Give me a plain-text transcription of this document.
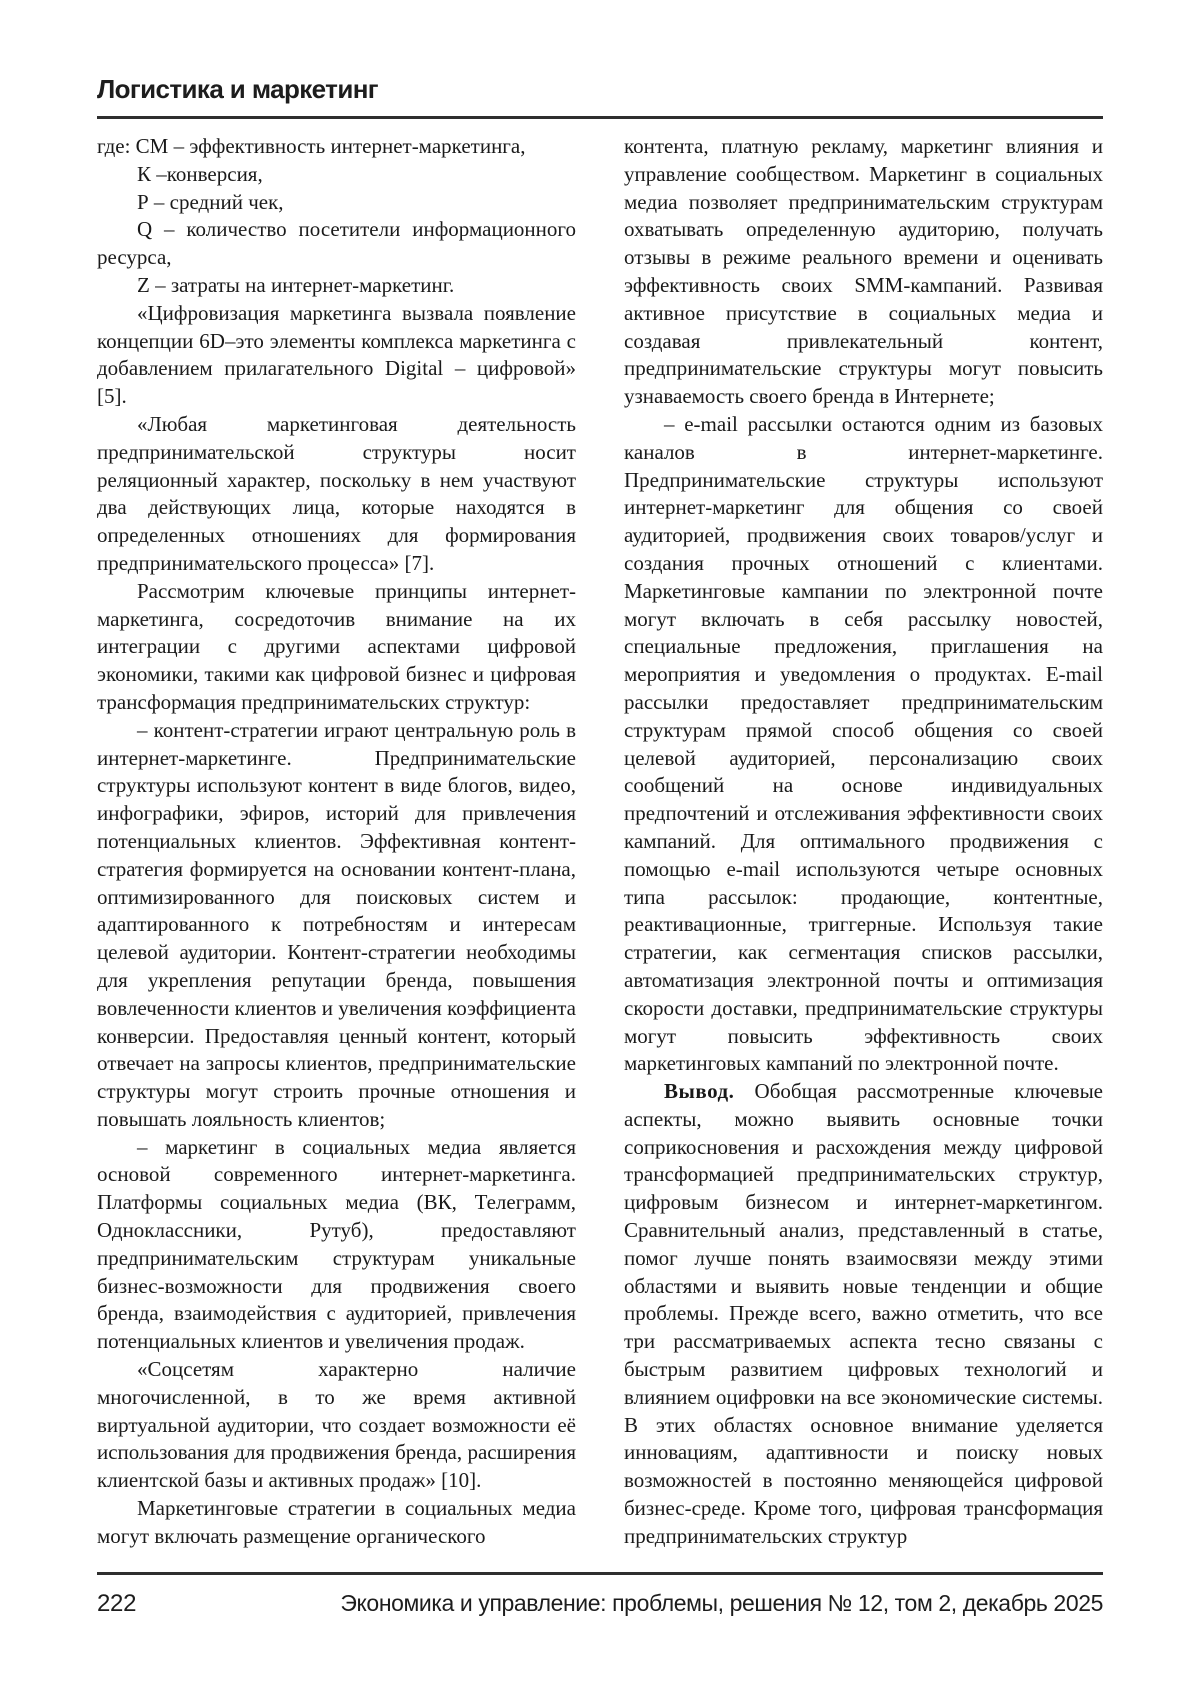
Логистика и маркетинг

где: СМ – эффективность интернет-маркетинга,

К –конверсия,

Р – средний чек,

Q – количество посетители информационного ресурса,

Z – затраты на интернет-маркетинг.

«Цифровизация маркетинга вызвала появление концепции 6D–это элементы комплекса маркетинга с добавлением прилагательного Digital – цифровой» [5].

«Любая маркетинговая деятельность предпринимательской структуры носит реляционный характер, поскольку в нем участвуют два действующих лица, которые находятся в определенных отношениях для формирования предпринимательского процесса» [7].

Рассмотрим ключевые принципы интернет-маркетинга, сосредоточив внимание на их интеграции с другими аспектами цифровой экономики, такими как цифровой бизнес и цифровая трансформация предпринимательских структур:

– контент-стратегии играют центральную роль в интернет-маркетинге. Предпринимательские структуры используют контент в виде блогов, видео, инфографики, эфиров, историй для привлечения потенциальных клиентов. Эффективная контент-стратегия формируется на основании контент-плана, оптимизированного для поисковых систем и адаптированного к потребностям и интересам целевой аудитории. Контент-стратегии необходимы для укрепления репутации бренда, повышения вовлеченности клиентов и увеличения коэффициента конверсии. Предоставляя ценный контент, который отвечает на запросы клиентов, предпринимательские структуры могут строить прочные отношения и повышать лояльность клиентов;

– маркетинг в социальных медиа является основой современного интернет-маркетинга. Платформы социальных медиа (ВК, Телеграмм, Одноклассники, Рутуб), предоставляют предпринимательским структурам уникальные бизнес-возможности для продвижения своего бренда, взаимодействия с аудиторией, привлечения потенциальных клиентов и увеличения продаж.

«Соцсетям характерно наличие многочисленной, в то же время активной виртуальной аудитории, что создает возможности её использования для продвижения бренда, расширения клиентской базы и активных продаж» [10].

Маркетинговые стратегии в социальных медиа могут включать размещение органического

контента, платную рекламу, маркетинг влияния и управление сообществом. Маркетинг в социальных медиа позволяет предпринимательским структурам охватывать определенную аудиторию, получать отзывы в режиме реального времени и оценивать эффективность своих SMM-кампаний. Развивая активное присутствие в социальных медиа и создавая привлекательный контент, предпринимательские структуры могут повысить узнаваемость своего бренда в Интернете;

– e-mail рассылки остаются одним из базовых каналов в интернет-маркетинге. Предпринимательские структуры используют интернет-маркетинг для общения со своей аудиторией, продвижения своих товаров/услуг и создания прочных отношений с клиентами. Маркетинговые кампании по электронной почте могут включать в себя рассылку новостей, специальные предложения, приглашения на мероприятия и уведомления о продуктах. E-mail рассылки предоставляет предпринимательским структурам прямой способ общения со своей целевой аудиторией, персонализацию своих сообщений на основе индивидуальных предпочтений и отслеживания эффективности своих кампаний. Для оптимального продвижения с помощью e-mail используются четыре основных типа рассылок: продающие, контентные, реактивационные, триггерные. Используя такие стратегии, как сегментация списков рассылки, автоматизация электронной почты и оптимизация скорости доставки, предпринимательские структуры могут повысить эффективность своих маркетинговых кампаний по электронной почте.

Вывод. Обобщая рассмотренные ключевые аспекты, можно выявить основные точки соприкосновения и расхождения между цифровой трансформацией предпринимательских структур, цифровым бизнесом и интернет-маркетингом. Сравнительный анализ, представленный в статье, помог лучше понять взаимосвязи между этими областями и выявить новые тенденции и общие проблемы. Прежде всего, важно отметить, что все три рассматриваемых аспекта тесно связаны с быстрым развитием цифровых технологий и влиянием оцифровки на все экономические системы. В этих областях основное внимание уделяется инновациям, адаптивности и поиску новых возможностей в постоянно меняющейся цифровой бизнес-среде. Кроме того, цифровая трансформация предпринимательских структур

222	Экономика и управление: проблемы, решения № 12, том 2, декабрь 2025
